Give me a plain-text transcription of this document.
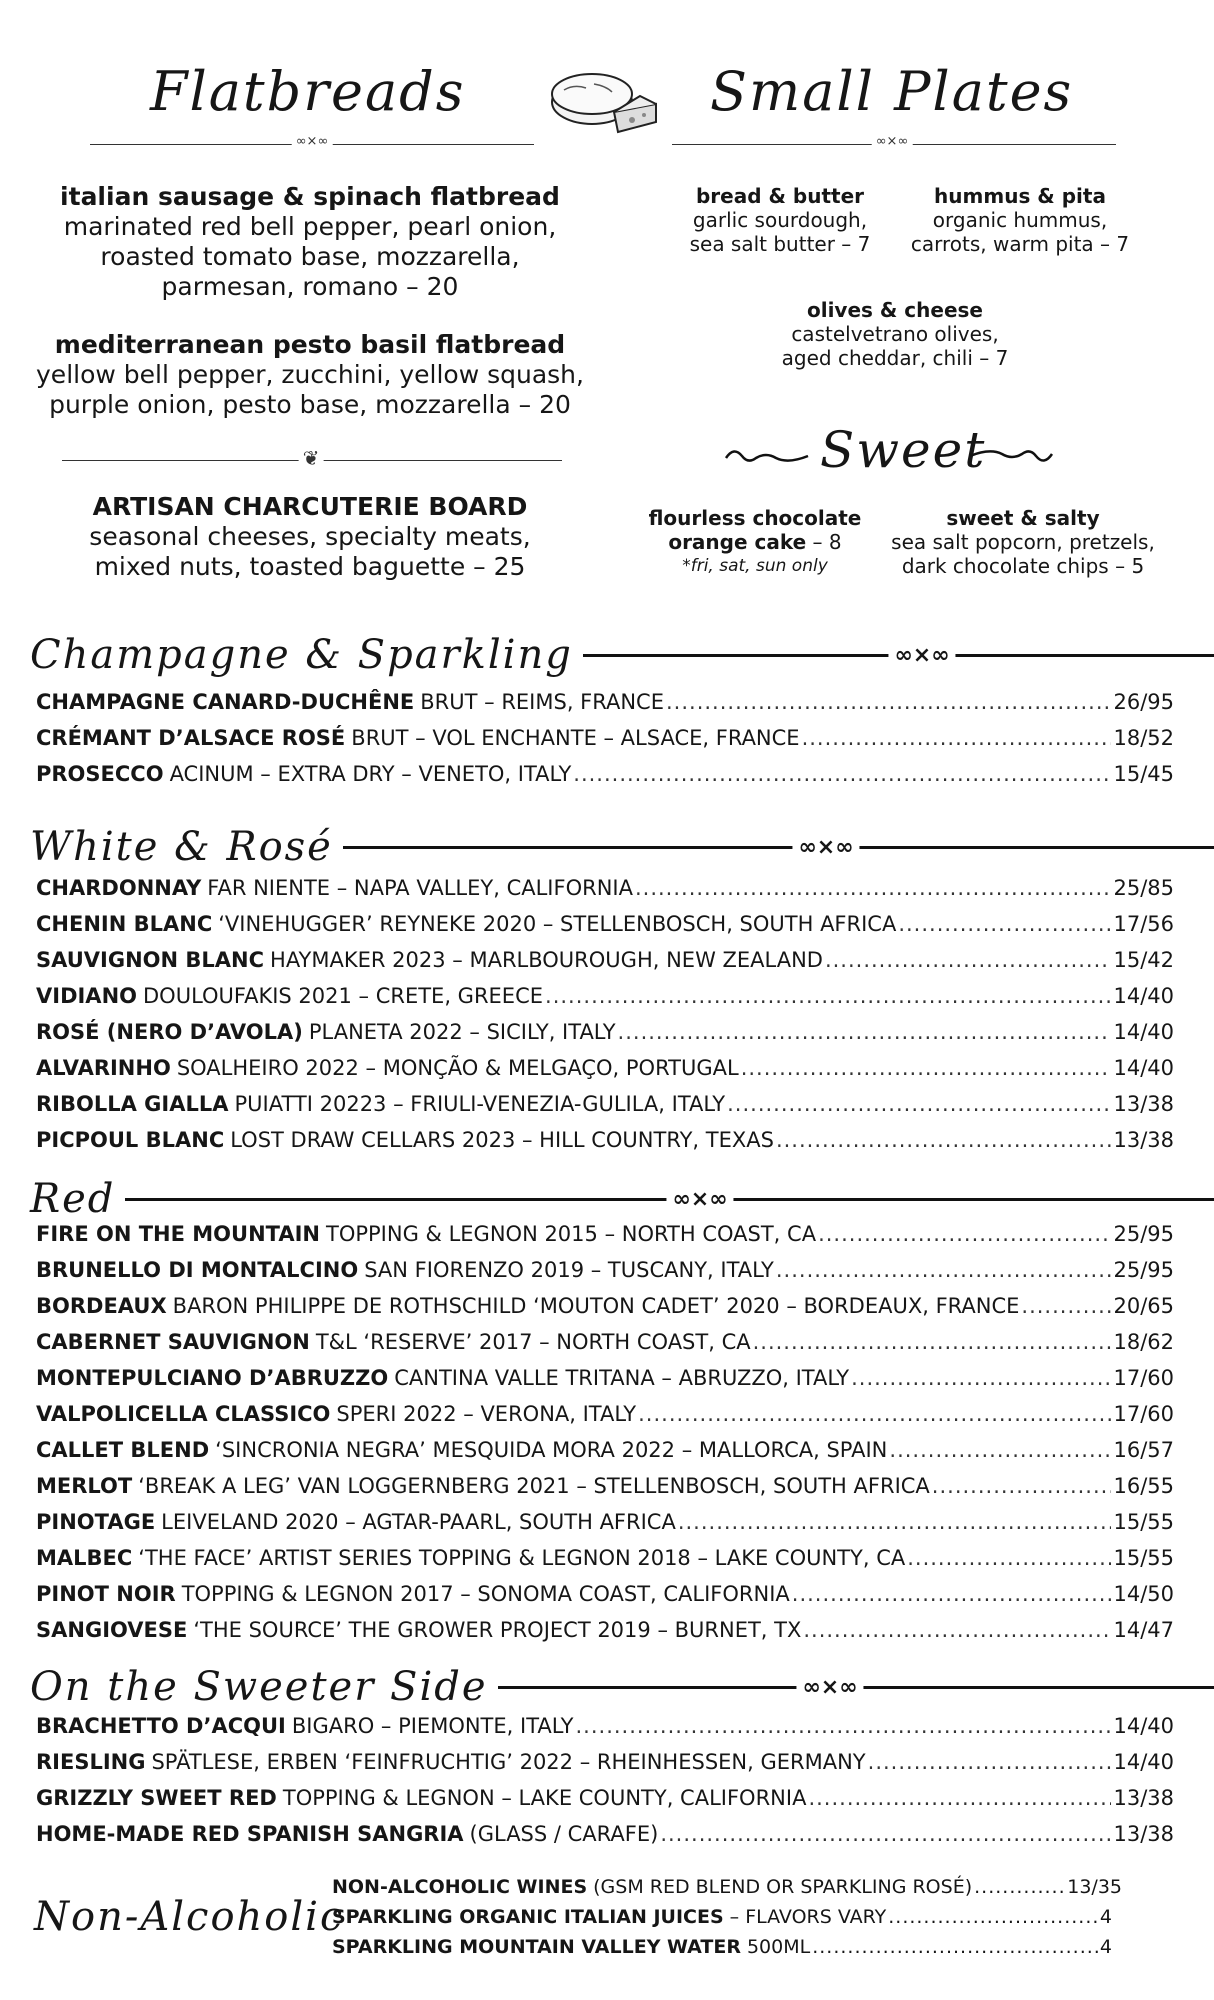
Flatbreads
∞×∞
Small Plates
∞×∞
italian sausage & spinach flatbread
marinated red bell pepper, pearl onion,
roasted tomato base, mozzarella,
parmesan, romano – 20
mediterranean pesto basil flatbread
yellow bell pepper, zucchini, yellow squash,
purple onion, pesto base, mozzarella – 20
❦
ARTISAN CHARCUTERIE BOARD
seasonal cheeses, specialty meats,
mixed nuts, toasted baguette – 25
bread & butter
garlic sourdough,
sea salt butter – 7
hummus & pita
organic hummus,
carrots, warm pita – 7
olives & cheese
castelvetrano olives,
aged cheddar, chili – 7
Sweet
flourless chocolate
orange cake – 8
*fri, sat, sun only
sweet & salty
sea salt popcorn, pretzels,
dark chocolate chips – 5
∞×∞
Champagne & Sparkling
CHAMPAGNE CANARD-DUCHÊNE BRUT – REIMS, FRANCE .....	26/95
CRÉMANT D’ALSACE ROSÉ BRUT – VOL ENCHANTE – ALSACE, FRANCE .....	18/52
PROSECCO ACINUM – EXTRA DRY – VENETO, ITALY .....	15/45
∞×∞
White & Rosé
CHARDONNAY FAR NIENTE – NAPA VALLEY, CALIFORNIA .....	25/85
CHENIN BLANC ‘VINEHUGGER’ REYNEKE 2020 – STELLENBOSCH, SOUTH AFRICA .....	17/56
SAUVIGNON BLANC HAYMAKER 2023 – MARLBOUROUGH, NEW ZEALAND .....	15/42
VIDIANO DOULOUFAKIS 2021 – CRETE, GREECE .....	14/40
ROSÉ (NERO D’AVOLA) PLANETA 2022 – SICILY, ITALY .....	14/40
ALVARINHO SOALHEIRO 2022 – MONÇÃO & MELGAÇO, PORTUGAL .....	14/40
RIBOLLA GIALLA PUIATTI 20223 – FRIULI-VENEZIA-GULILA, ITALY .....	13/38
PICPOUL BLANC LOST DRAW CELLARS 2023 – HILL COUNTRY, TEXAS .....	13/38
∞×∞
Red
FIRE ON THE MOUNTAIN TOPPING & LEGNON 2015 – NORTH COAST, CA .....	25/95
BRUNELLO DI MONTALCINO SAN FIORENZO 2019 – TUSCANY, ITALY .....	25/95
BORDEAUX BARON PHILIPPE DE ROTHSCHILD ‘MOUTON CADET’ 2020 – BORDEAUX, FRANCE .....	20/65
CABERNET SAUVIGNON T&L ‘RESERVE’ 2017 – NORTH COAST, CA .....	18/62
MONTEPULCIANO D’ABRUZZO CANTINA VALLE TRITANA – ABRUZZO, ITALY .....	17/60
VALPOLICELLA CLASSICO SPERI 2022 – VERONA, ITALY .....	17/60
CALLET BLEND ‘SINCRONIA NEGRA’ MESQUIDA MORA 2022 – MALLORCA, SPAIN .....	16/57
MERLOT ‘BREAK A LEG’ VAN LOGGERNBERG 2021 – STELLENBOSCH, SOUTH AFRICA .....	16/55
PINOTAGE LEIVELAND 2020 – AGTAR-PAARL, SOUTH AFRICA .....	15/55
MALBEC ‘THE FACE’ ARTIST SERIES TOPPING & LEGNON 2018 – LAKE COUNTY, CA .....	15/55
PINOT NOIR TOPPING & LEGNON 2017 – SONOMA COAST, CALIFORNIA .....	14/50
SANGIOVESE ‘THE SOURCE’ THE GROWER PROJECT 2019 – BURNET, TX .....	14/47
∞×∞
On the Sweeter Side
BRACHETTO D’ACQUI BIGARO – PIEMONTE, ITALY .....	14/40
RIESLING SPÄTLESE, ERBEN ‘FEINFRUCHTIG’ 2022 – RHEINHESSEN, GERMANY .....	14/40
GRIZZLY SWEET RED TOPPING & LEGNON – LAKE COUNTY, CALIFORNIA .....	13/38
HOME-MADE RED SPANISH SANGRIA (GLASS / CARAFE) .....	13/38
Non-Alcoholic
NON-ALCOHOLIC WINES (GSM RED BLEND OR SPARKLING ROSÉ) .....	13/35
SPARKLING ORGANIC ITALIAN JUICES – FLAVORS VARY .....	4
SPARKLING MOUNTAIN VALLEY WATER 500ML .....	4
